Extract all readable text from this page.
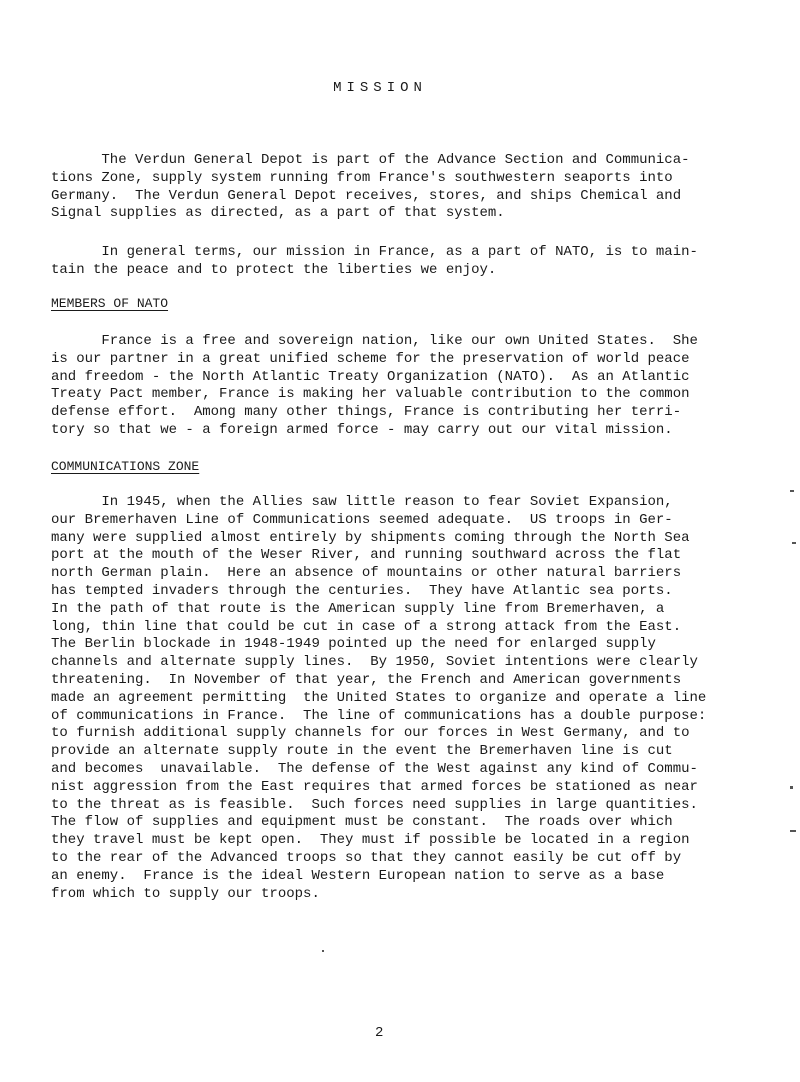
MISSION
The Verdun General Depot is part of the Advance Section and Communica-
tions Zone, supply system running from France's southwestern seaports into
Germany.  The Verdun General Depot receives, stores, and ships Chemical and
Signal supplies as directed, as a part of that system.
In general terms, our mission in France, as a part of NATO, is to main-
tain the peace and to protect the liberties we enjoy.
MEMBERS OF NATO
France is a free and sovereign nation, like our own United States.  She
is our partner in a great unified scheme for the preservation of world peace
and freedom - the North Atlantic Treaty Organization (NATO).  As an Atlantic
Treaty Pact member, France is making her valuable contribution to the common
defense effort.  Among many other things, France is contributing her terri-
tory so that we - a foreign armed force - may carry out our vital mission.
COMMUNICATIONS ZONE
In 1945, when the Allies saw little reason to fear Soviet Expansion,
our Bremerhaven Line of Communications seemed adequate.  US troops in Ger-
many were supplied almost entirely by shipments coming through the North Sea
port at the mouth of the Weser River, and running southward across the flat
north German plain.  Here an absence of mountains or other natural barriers
has tempted invaders through the centuries.  They have Atlantic sea ports.
In the path of that route is the American supply line from Bremerhaven, a
long, thin line that could be cut in case of a strong attack from the East.
The Berlin blockade in 1948-1949 pointed up the need for enlarged supply
channels and alternate supply lines.  By 1950, Soviet intentions were clearly
threatening.  In November of that year, the French and American governments
made an agreement permitting  the United States to organize and operate a line
of communications in France.  The line of communications has a double purpose:
to furnish additional supply channels for our forces in West Germany, and to
provide an alternate supply route in the event the Bremerhaven line is cut
and becomes  unavailable.  The defense of the West against any kind of Commu-
nist aggression from the East requires that armed forces be stationed as near
to the threat as is feasible.  Such forces need supplies in large quantities.
The flow of supplies and equipment must be constant.  The roads over which
they travel must be kept open.  They must if possible be located in a region
to the rear of the Advanced troops so that they cannot easily be cut off by
an enemy.  France is the ideal Western European nation to serve as a base
from which to supply our troops.
2
